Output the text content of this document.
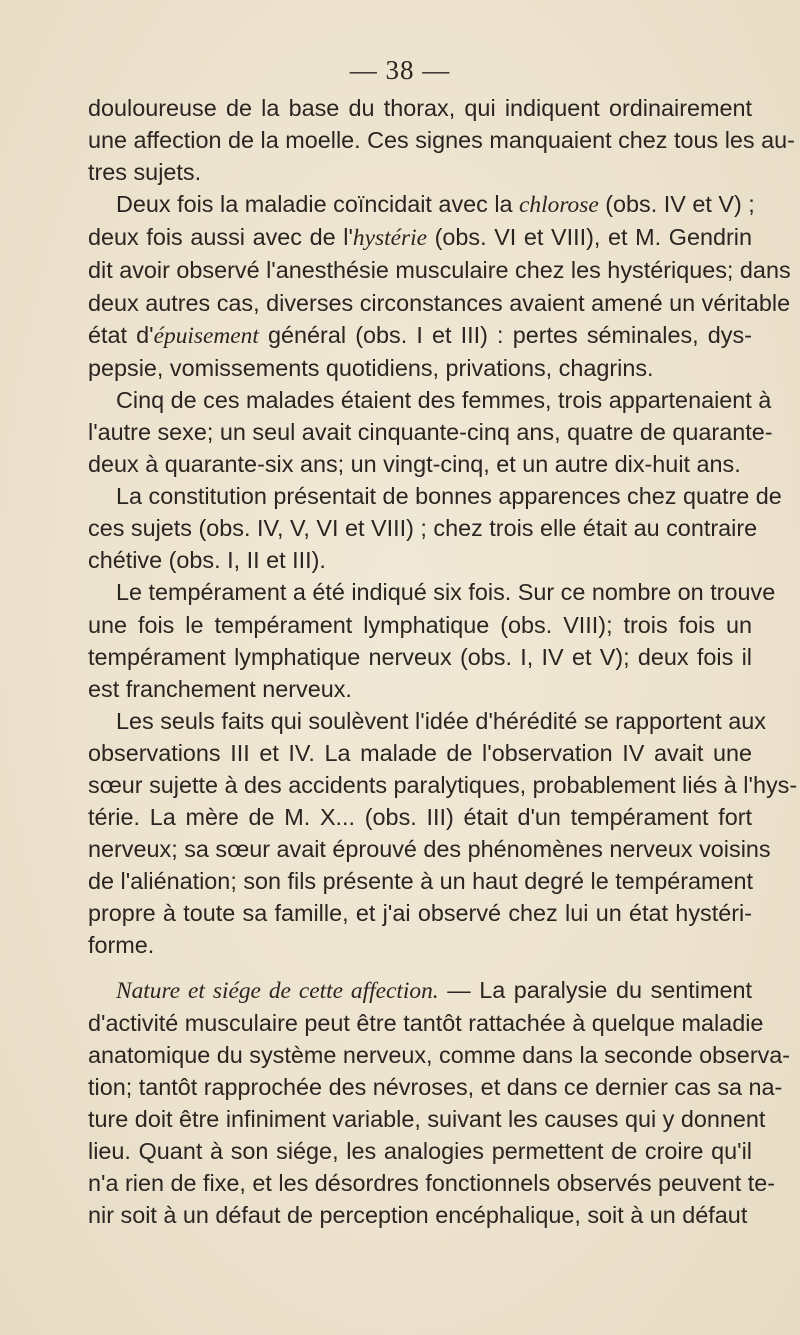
— 38 —
douloureuse de la base du thorax, qui indiquent ordinairement
une affection de la moelle. Ces signes manquaient chez tous les au-
tres sujets.
Deux fois la maladie coïncidait avec la chlorose (obs. IV et V) ;
deux fois aussi avec de l'hystérie (obs. VI et VIII), et M. Gendrin
dit avoir observé l'anesthésie musculaire chez les hystériques; dans
deux autres cas, diverses circonstances avaient amené un véritable
état d'épuisement général (obs. I et III) : pertes séminales, dys-
pepsie, vomissements quotidiens, privations, chagrins.
Cinq de ces malades étaient des femmes, trois appartenaient à
l'autre sexe; un seul avait cinquante-cinq ans, quatre de quarante-
deux à quarante-six ans; un vingt-cinq, et un autre dix-huit ans.
La constitution présentait de bonnes apparences chez quatre de
ces sujets (obs. IV, V, VI et VIII) ; chez trois elle était au contraire
chétive (obs. I, II et III).
Le tempérament a été indiqué six fois. Sur ce nombre on trouve
une fois le tempérament lymphatique (obs. VIII); trois fois un
tempérament lymphatique nerveux (obs. I, IV et V); deux fois il
est franchement nerveux.
Les seuls faits qui soulèvent l'idée d'hérédité se rapportent aux
observations III et IV. La malade de l'observation IV avait une
sœur sujette à des accidents paralytiques, probablement liés à l'hys-
térie. La mère de M. X... (obs. III) était d'un tempérament fort
nerveux; sa sœur avait éprouvé des phénomènes nerveux voisins
de l'aliénation; son fils présente à un haut degré le tempérament
propre à toute sa famille, et j'ai observé chez lui un état hystéri-
forme.
Nature et siége de cette affection. — La paralysie du sentiment
d'activité musculaire peut être tantôt rattachée à quelque maladie
anatomique du système nerveux, comme dans la seconde observa-
tion; tantôt rapprochée des névroses, et dans ce dernier cas sa na-
ture doit être infiniment variable, suivant les causes qui y donnent
lieu. Quant à son siége, les analogies permettent de croire qu'il
n'a rien de fixe, et les désordres fonctionnels observés peuvent te-
nir soit à un défaut de perception encéphalique, soit à un défaut
